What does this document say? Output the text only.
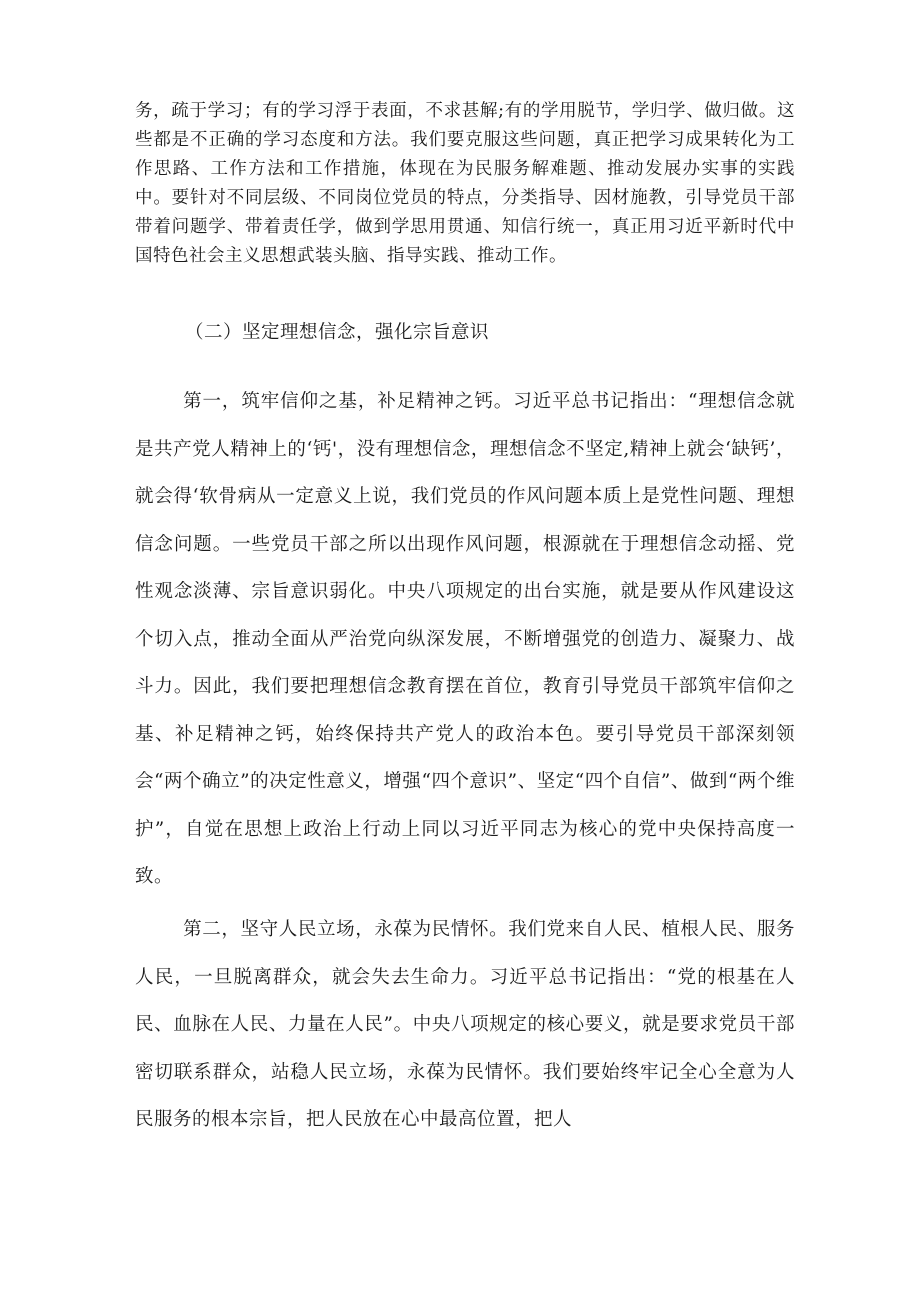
务，疏于学习；有的学习浮于表面，不求甚解;有的学用脱节，学归学、做归做。这些都是不正确的学习态度和方法。我们要克服这些问题，真正把学习成果转化为工作思路、工作方法和工作措施，体现在为民服务解难题、推动发展办实事的实践中。要针对不同层级、不同岗位党员的特点，分类指导、因材施教，引导党员干部带着问题学、带着责任学，做到学思用贯通、知信行统一，真正用习近平新时代中国特色社会主义思想武装头脑、指导实践、推动工作。

（二）坚定理想信念，强化宗旨意识

第一，筑牢信仰之基，补足精神之钙。习近平总书记指出：“理想信念就是共产党人精神上的‘钙'，没有理想信念，理想信念不坚定,精神上就会‘缺钙’，就会得‘软骨病从一定意义上说，我们党员的作风问题本质上是党性问题、理想信念问题。一些党员干部之所以出现作风问题，根源就在于理想信念动摇、党性观念淡薄、宗旨意识弱化。中央八项规定的出台实施，就是要从作风建设这个切入点，推动全面从严治党向纵深发展，不断增强党的创造力、凝聚力、战斗力。因此，我们要把理想信念教育摆在首位，教育引导党员干部筑牢信仰之基、补足精神之钙，始终保持共产党人的政治本色。要引导党员干部深刻领会“两个确立”的决定性意义，增强“四个意识”、坚定“四个自信”、做到“两个维护”，自觉在思想上政治上行动上同以习近平同志为核心的党中央保持高度一致。

第二，坚守人民立场，永葆为民情怀。我们党来自人民、植根人民、服务人民，一旦脱离群众，就会失去生命力。习近平总书记指出：“党的根基在人民、血脉在人民、力量在人民”。中央八项规定的核心要义，就是要求党员干部密切联系群众，站稳人民立场，永葆为民情怀。我们要始终牢记全心全意为人民服务的根本宗旨，把人民放在心中最高位置，把人
